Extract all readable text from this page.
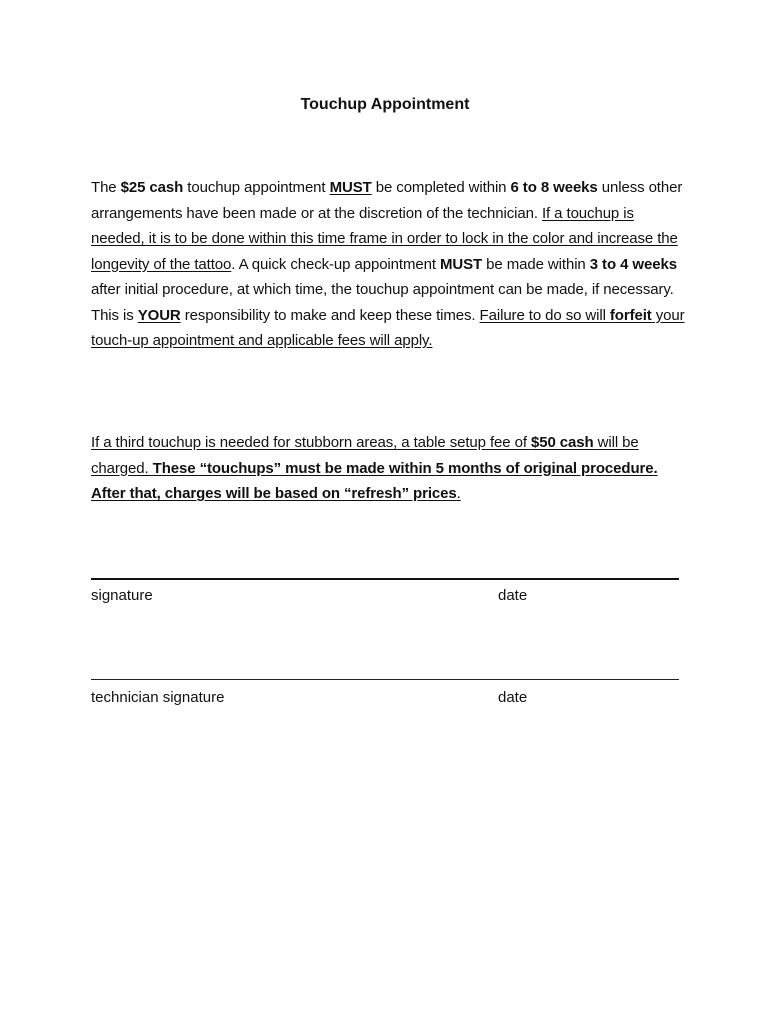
Touchup Appointment
The $25 cash touchup appointment MUST be completed within 6 to 8 weeks unless other arrangements have been made or at the discretion of the technician. If a touchup is needed, it is to be done within this time frame in order to lock in the color and increase the longevity of the tattoo. A quick check-up appointment MUST be made within 3 to 4 weeks after initial procedure, at which time, the touchup appointment can be made, if necessary. This is YOUR responsibility to make and keep these times. Failure to do so will forfeit your touch-up appointment and applicable fees will apply.
If a third touchup is needed for stubborn areas, a table setup fee of $50 cash will be charged. These “touchups” must be made within 5 months of original procedure. After that, charges will be based on “refresh” prices.
signature	date
technician signature	date
